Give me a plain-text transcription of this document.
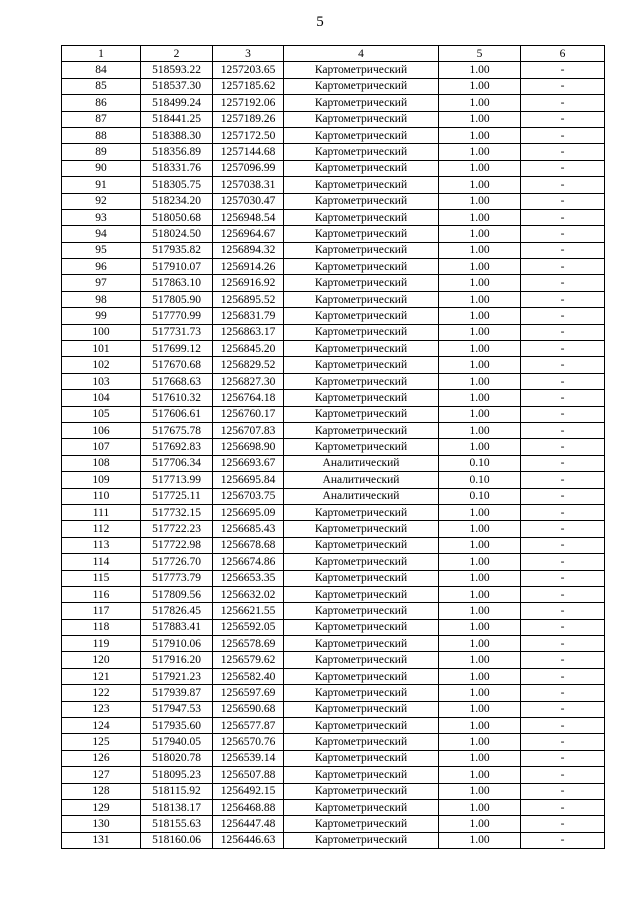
5
1	2	3	4	5	6
84	518593.22	1257203.65	Картометрический	1.00	-
85	518537.30	1257185.62	Картометрический	1.00	-
86	518499.24	1257192.06	Картометрический	1.00	-
87	518441.25	1257189.26	Картометрический	1.00	-
88	518388.30	1257172.50	Картометрический	1.00	-
89	518356.89	1257144.68	Картометрический	1.00	-
90	518331.76	1257096.99	Картометрический	1.00	-
91	518305.75	1257038.31	Картометрический	1.00	-
92	518234.20	1257030.47	Картометрический	1.00	-
93	518050.68	1256948.54	Картометрический	1.00	-
94	518024.50	1256964.67	Картометрический	1.00	-
95	517935.82	1256894.32	Картометрический	1.00	-
96	517910.07	1256914.26	Картометрический	1.00	-
97	517863.10	1256916.92	Картометрический	1.00	-
98	517805.90	1256895.52	Картометрический	1.00	-
99	517770.99	1256831.79	Картометрический	1.00	-
100	517731.73	1256863.17	Картометрический	1.00	-
101	517699.12	1256845.20	Картометрический	1.00	-
102	517670.68	1256829.52	Картометрический	1.00	-
103	517668.63	1256827.30	Картометрический	1.00	-
104	517610.32	1256764.18	Картометрический	1.00	-
105	517606.61	1256760.17	Картометрический	1.00	-
106	517675.78	1256707.83	Картометрический	1.00	-
107	517692.83	1256698.90	Картометрический	1.00	-
108	517706.34	1256693.67	Аналитический	0.10	-
109	517713.99	1256695.84	Аналитический	0.10	-
110	517725.11	1256703.75	Аналитический	0.10	-
111	517732.15	1256695.09	Картометрический	1.00	-
112	517722.23	1256685.43	Картометрический	1.00	-
113	517722.98	1256678.68	Картометрический	1.00	-
114	517726.70	1256674.86	Картометрический	1.00	-
115	517773.79	1256653.35	Картометрический	1.00	-
116	517809.56	1256632.02	Картометрический	1.00	-
117	517826.45	1256621.55	Картометрический	1.00	-
118	517883.41	1256592.05	Картометрический	1.00	-
119	517910.06	1256578.69	Картометрический	1.00	-
120	517916.20	1256579.62	Картометрический	1.00	-
121	517921.23	1256582.40	Картометрический	1.00	-
122	517939.87	1256597.69	Картометрический	1.00	-
123	517947.53	1256590.68	Картометрический	1.00	-
124	517935.60	1256577.87	Картометрический	1.00	-
125	517940.05	1256570.76	Картометрический	1.00	-
126	518020.78	1256539.14	Картометрический	1.00	-
127	518095.23	1256507.88	Картометрический	1.00	-
128	518115.92	1256492.15	Картометрический	1.00	-
129	518138.17	1256468.88	Картометрический	1.00	-
130	518155.63	1256447.48	Картометрический	1.00	-
131	518160.06	1256446.63	Картометрический	1.00	-
